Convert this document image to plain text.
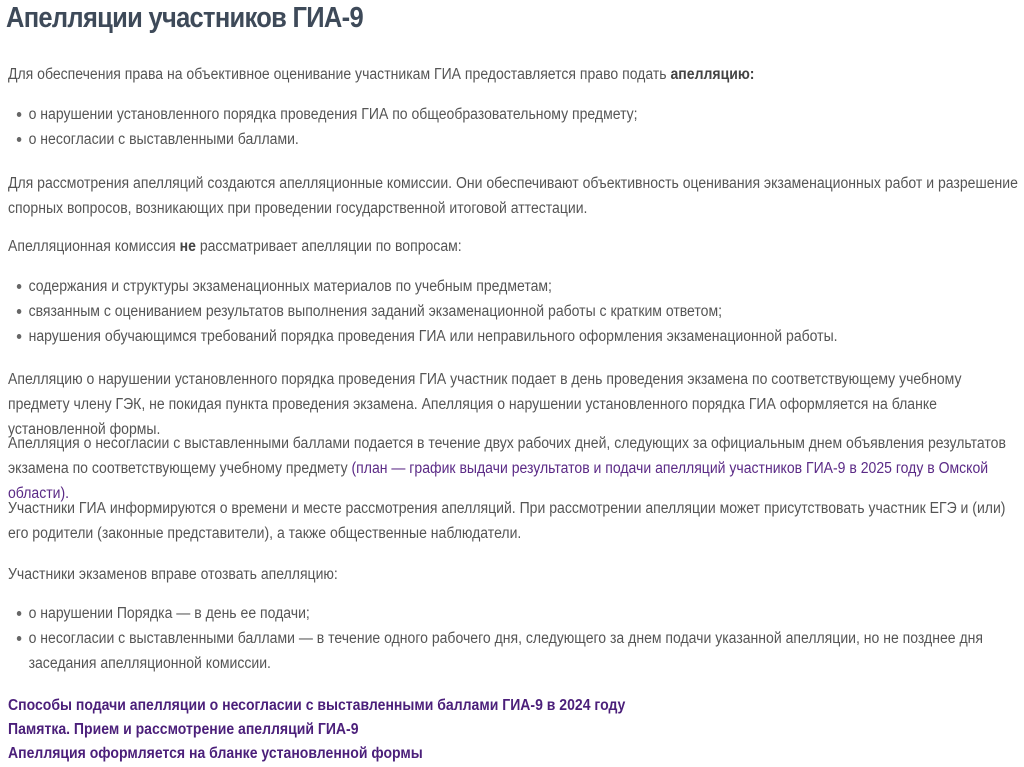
Апелляции участников ГИА-9

Для обеспечения права на объективное оценивание участникам ГИА предоставляется право подать апелляцию:

о нарушении установленного порядка проведения ГИА по общеобразовательному предмету;
о несогласии с выставленными баллами.

Для рассмотрения апелляций создаются апелляционные комиссии. Они обеспечивают объективность оценивания экзаменационных работ и разрешение спорных вопросов, возникающих при проведении государственной итоговой аттестации.

Апелляционная комиссия не рассматривает апелляции по вопросам:

содержания и структуры экзаменационных материалов по учебным предметам;
связанным с оцениванием результатов выполнения заданий экзаменационной работы с кратким ответом;
нарушения обучающимся требований порядка проведения ГИА или неправильного оформления экзаменационной работы.

Апелляцию о нарушении установленного порядка проведения ГИА участник подает в день проведения экзамена по соответствующему учебному предмету члену ГЭК, не покидая пункта проведения экзамена. Апелляция о нарушении установленного порядка ГИА оформляется на бланке установленной формы.

Апелляция о несогласии с выставленными баллами подается в течение двух рабочих дней, следующих за официальным днем объявления результатов экзамена по соответствующему учебному предмету (план — график выдачи результатов и подачи апелляций участников ГИА-9 в 2025 году в Омской области).

Участники ГИА информируются о времени и месте рассмотрения апелляций. При рассмотрении апелляции может присутствовать участник ЕГЭ и (или) его родители (законные представители), а также общественные наблюдатели.

Участники экзаменов вправе отозвать апелляцию:

о нарушении Порядка — в день ее подачи;
о несогласии с выставленными баллами — в течение одного рабочего дня, следующего за днем подачи указанной апелляции, но не позднее дня заседания апелляционной комиссии.
Способы подачи апелляции о несогласии с выставленными баллами ГИА-9 в 2024 году
Памятка. Прием и рассмотрение апелляций ГИА-9
Апелляция оформляется на бланке установленной формы
